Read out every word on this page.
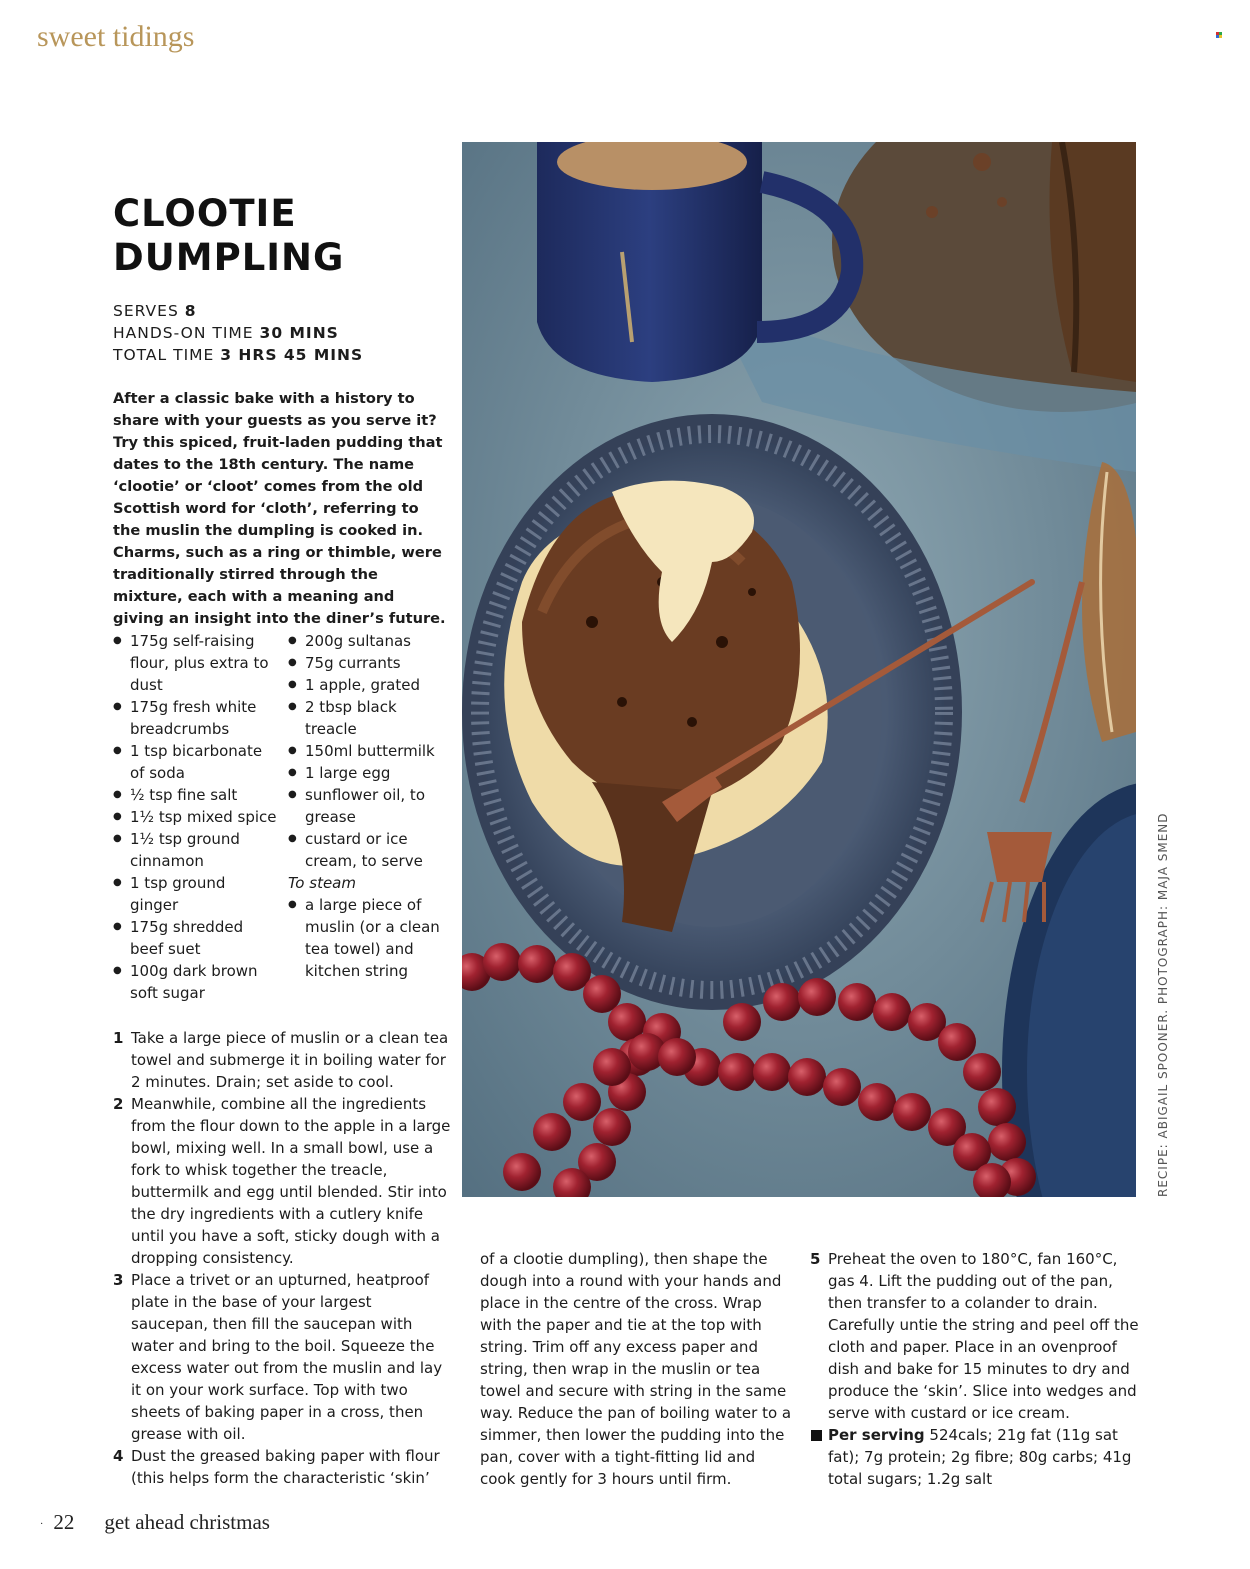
sweet tidings
CLOOTIE
DUMPLING
SERVES 8
HANDS-ON TIME 30 MINS
TOTAL TIME 3 HRS 45 MINS

After a classic bake with a history to share with your guests as you serve it? Try this spiced, fruit-laden pudding that dates to the 18th century. The name ‘clootie’ or ‘cloot’ comes from the old Scottish word for ‘cloth’, referring to the muslin the dumpling is cooked in. Charms, such as a ring or thimble, were traditionally stirred through the mixture, each with a meaning and giving an insight into the diner’s future.

● 175g self-raising flour, plus extra to dust
● 175g fresh white breadcrumbs
● 1 tsp bicarbonate of soda
● ½ tsp fine salt
● 1½ tsp mixed spice
● 1½ tsp ground cinnamon
● 1 tsp ground ginger
● 175g shredded beef suet
● 100g dark brown soft sugar
● 200g sultanas
● 75g currants
● 1 apple, grated
● 2 tbsp black treacle
● 150ml buttermilk
● 1 large egg
● sunflower oil, to grease
● custard or ice cream, to serve
To steam
● a large piece of muslin (or a clean tea towel) and kitchen string
1 Take a large piece of muslin or a clean tea towel and submerge it in boiling water for 2 minutes. Drain; set aside to cool.
2 Meanwhile, combine all the ingredients from the flour down to the apple in a large bowl, mixing well. In a small bowl, use a fork to whisk together the treacle, buttermilk and egg until blended. Stir into the dry ingredients with a cutlery knife until you have a soft, sticky dough with a dropping consistency.
3 Place a trivet or an upturned, heatproof plate in the base of your largest saucepan, then fill the saucepan with water and bring to the boil. Squeeze the excess water out from the muslin and lay it on your work surface. Top with two sheets of baking paper in a cross, then grease with oil.
4 Dust the greased baking paper with flour (this helps form the characteristic ‘skin’

of a clootie dumpling), then shape the dough into a round with your hands and place in the centre of the cross. Wrap with the paper and tie at the top with string. Trim off any excess paper and string, then wrap in the muslin or tea towel and secure with string in the same way. Reduce the pan of boiling water to a simmer, then lower the pudding into the pan, cover with a tight-fitting lid and cook gently for 3 hours until firm.

5 Preheat the oven to 180°C, fan 160°C, gas 4. Lift the pudding out of the pan, then transfer to a colander to drain. Carefully untie the string and peel off the cloth and paper. Place in an ovenproof dish and bake for 15 minutes to dry and produce the ‘skin’. Slice into wedges and serve with custard or ice cream.
Per serving 524cals; 21g fat (11g sat fat); 7g protein; 2g fibre; 80g carbs; 41g total sugars; 1.2g salt
RECIPE: ABIGAIL SPOONER. PHOTOGRAPH: MAJA SMEND
· 22 get ahead christmas
